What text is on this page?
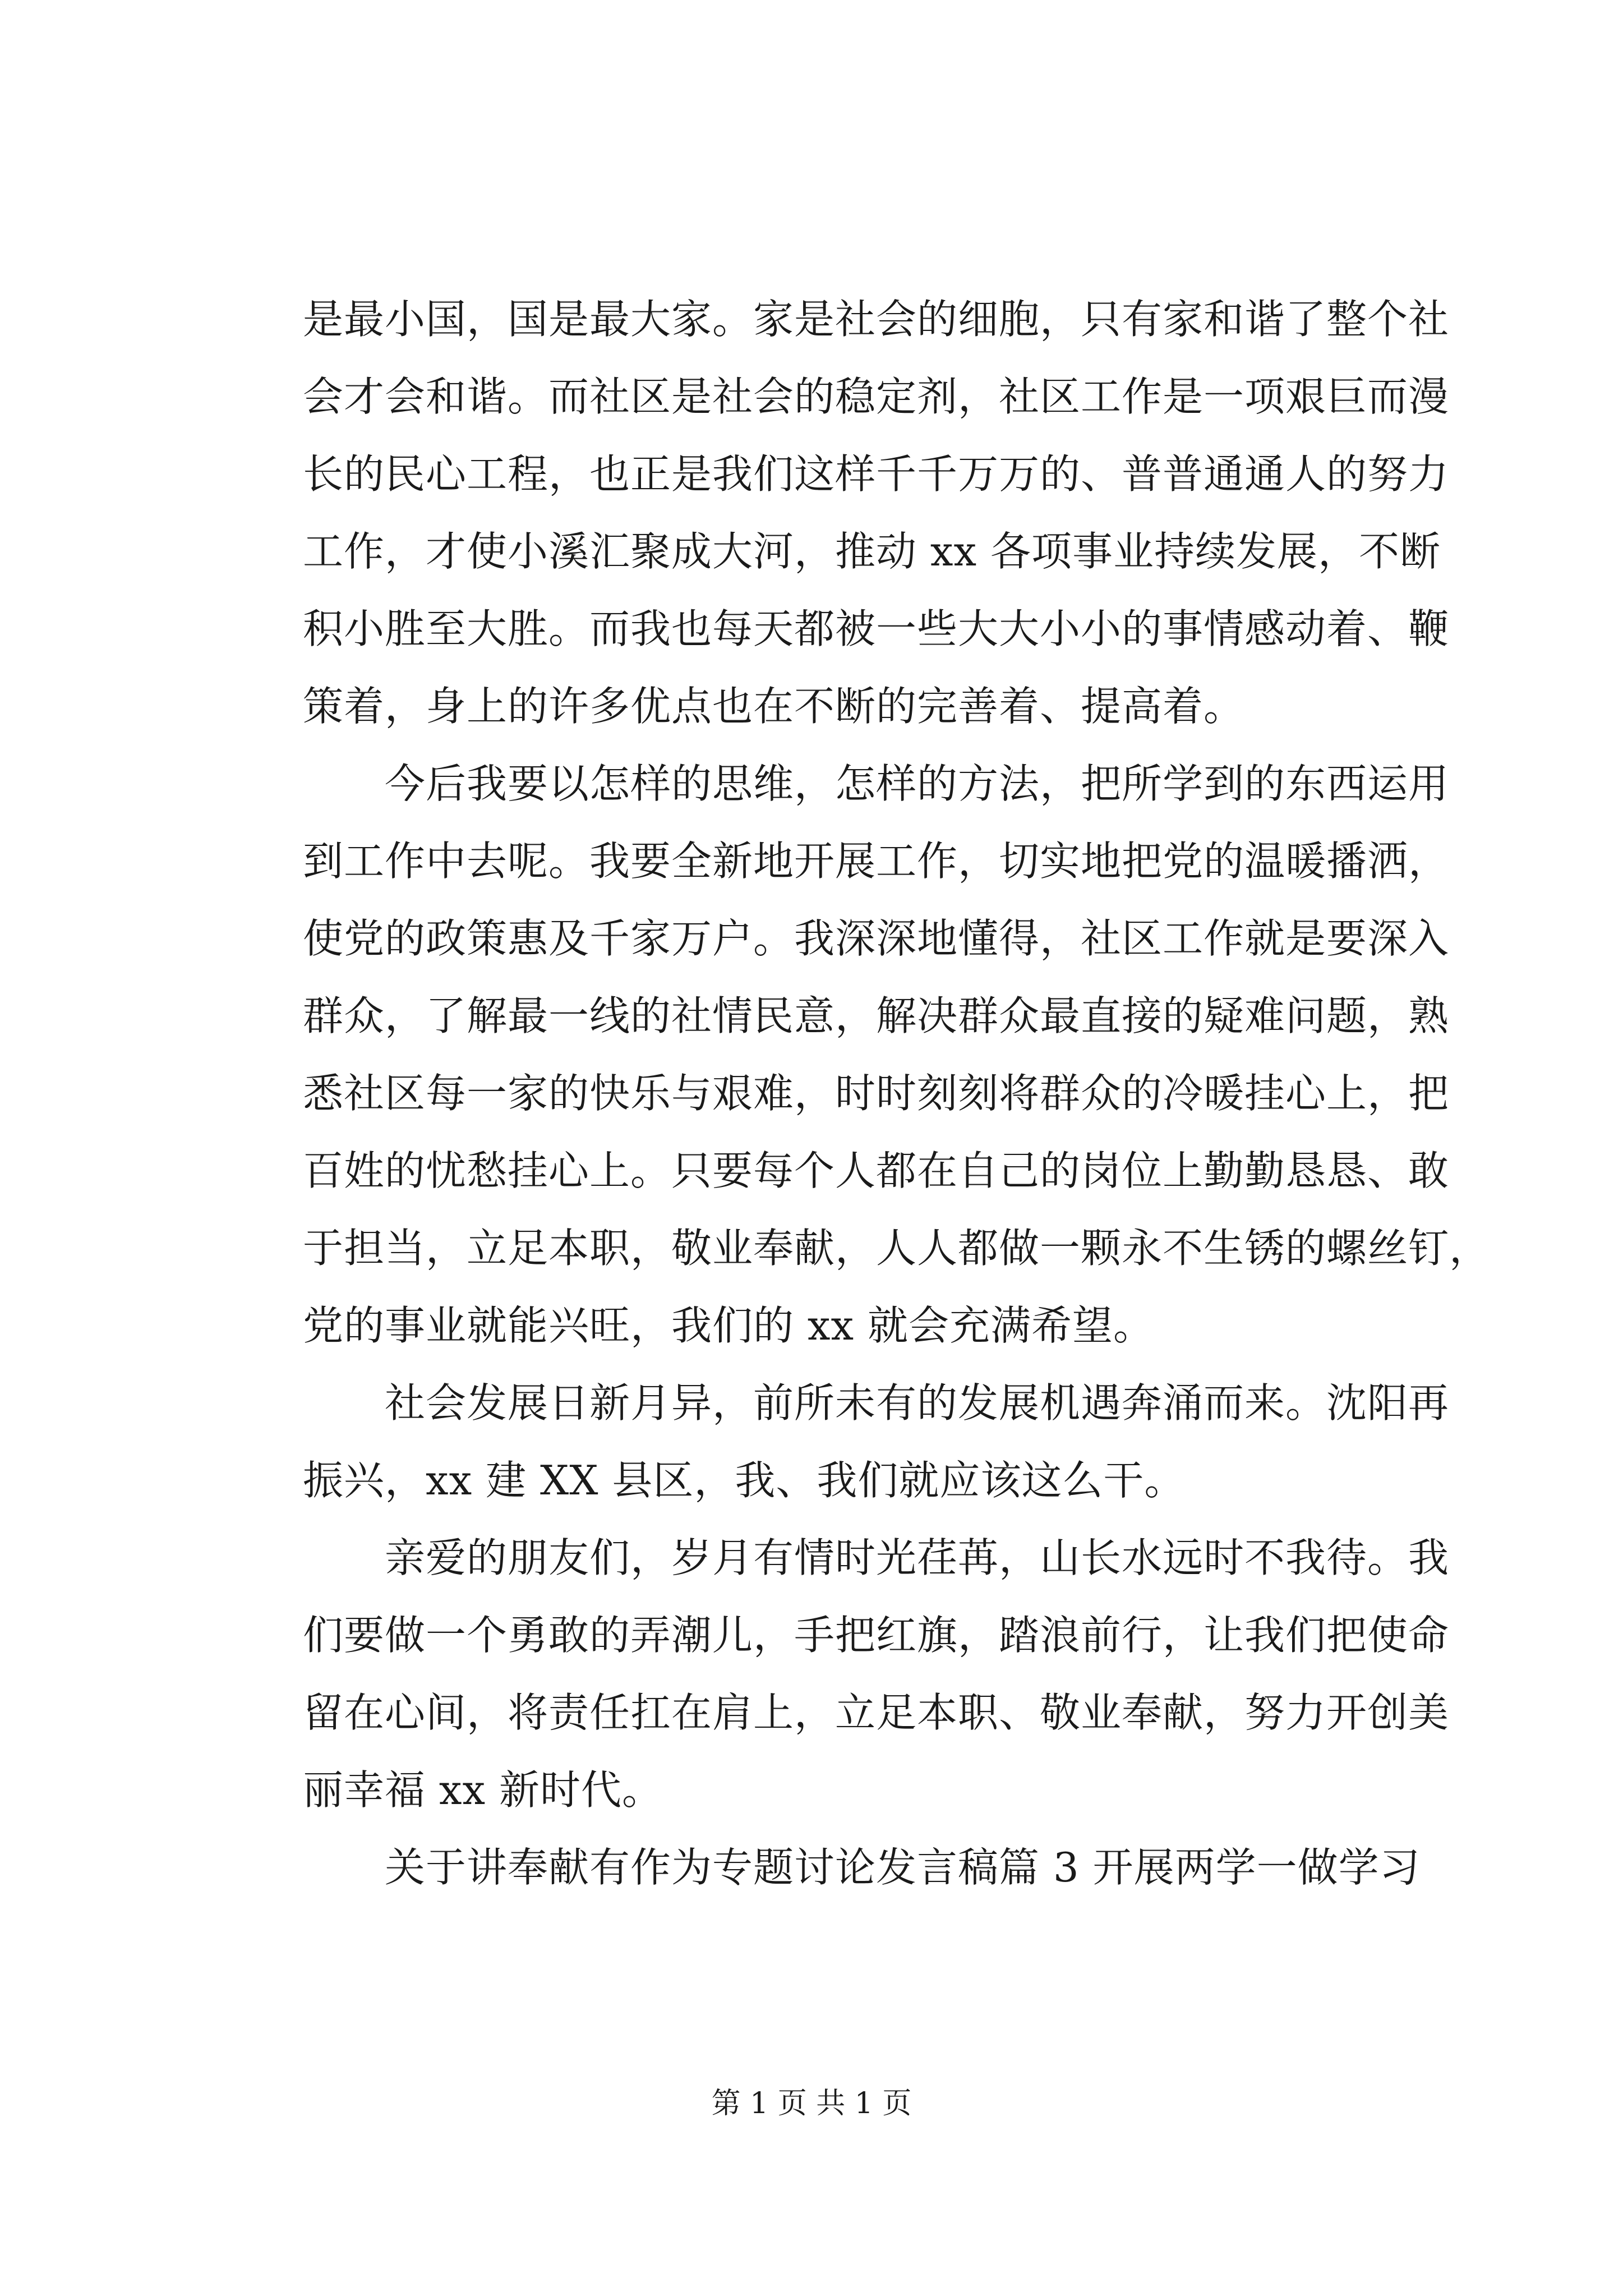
是最小国，国是最大家。家是社会的细胞，只有家和谐了整个社

会才会和谐。而社区是社会的稳定剂，社区工作是一项艰巨而漫

长的民心工程，也正是我们这样千千万万的、普普通通人的努力

工作，才使小溪汇聚成大河，推动 xx 各项事业持续发展，不断

积小胜至大胜。而我也每天都被一些大大小小的事情感动着、鞭

策着，身上的许多优点也在不断的完善着、提高着。

今后我要以怎样的思维，怎样的方法，把所学到的东西运用

到工作中去呢。我要全新地开展工作，切实地把党的温暖播洒，

使党的政策惠及千家万户。我深深地懂得，社区工作就是要深入

群众，了解最一线的社情民意，解决群众最直接的疑难问题，熟

悉社区每一家的快乐与艰难，时时刻刻将群众的冷暖挂心上，把

百姓的忧愁挂心上。只要每个人都在自己的岗位上勤勤恳恳、敢

于担当，立足本职，敬业奉献，人人都做一颗永不生锈的螺丝钉，

党的事业就能兴旺，我们的 xx 就会充满希望。

社会发展日新月异，前所未有的发展机遇奔涌而来。沈阳再

振兴，xx 建 XX 县区，我、我们就应该这么干。

亲爱的朋友们，岁月有情时光荏苒，山长水远时不我待。我

们要做一个勇敢的弄潮儿，手把红旗，踏浪前行，让我们把使命

留在心间，将责任扛在肩上，立足本职、敬业奉献，努力开创美

丽幸福 xx 新时代。

关于讲奉献有作为专题讨论发言稿篇 3 开展两学一做学习

第 1 页 共 1 页
